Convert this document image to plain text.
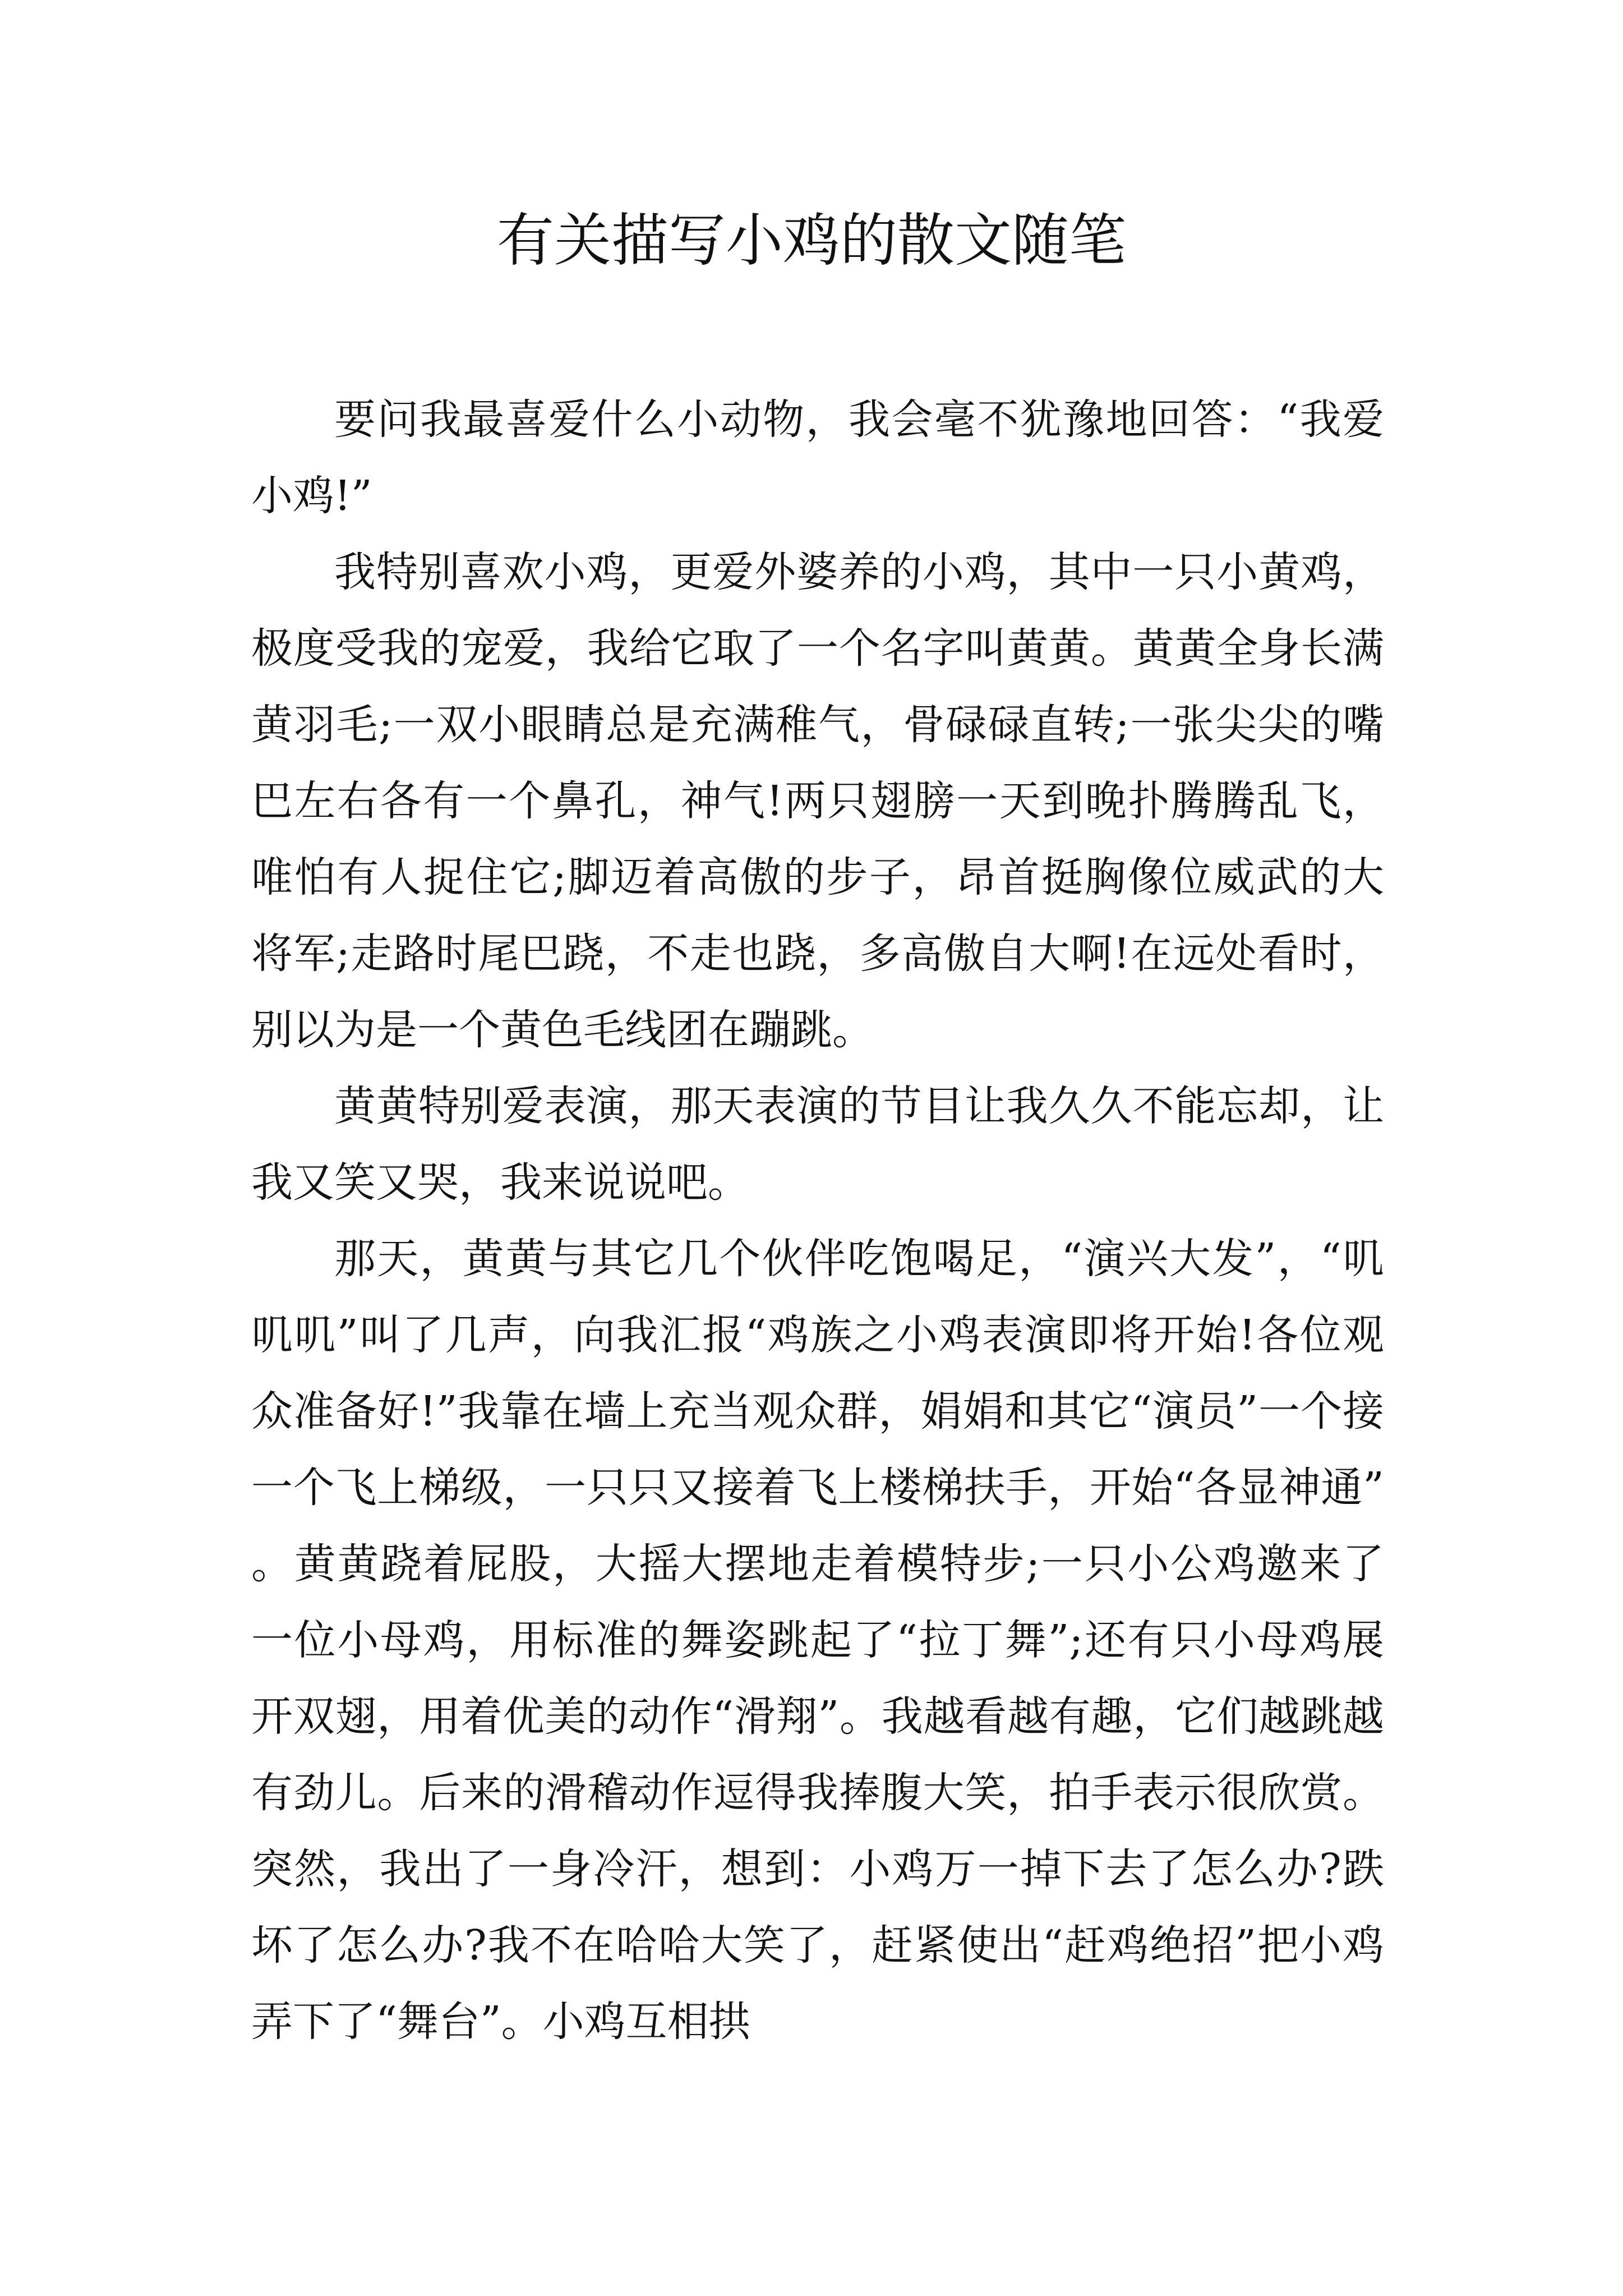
有关描写小鸡的散文随笔

要问我最喜爱什么小动物，我会毫不犹豫地回答：“我爱小鸡!”

我特别喜欢小鸡，更爱外婆养的小鸡，其中一只小黄鸡，极度受我的宠爱，我给它取了一个名字叫黄黄。黄黄全身长满黄羽毛;一双小眼睛总是充满稚气，骨碌碌直转;一张尖尖的嘴巴左右各有一个鼻孔，神气!两只翅膀一天到晚扑腾腾乱飞，唯怕有人捉住它;脚迈着高傲的步子，昂首挺胸像位威武的大将军;走路时尾巴跷，不走也跷，多高傲自大啊!在远处看时，别以为是一个黄色毛线团在蹦跳。

黄黄特别爱表演，那天表演的节目让我久久不能忘却，让我又笑又哭，我来说说吧。

那天，黄黄与其它几个伙伴吃饱喝足，“演兴大发”，“叽叽叽”叫了几声，向我汇报“鸡族之小鸡表演即将开始!各位观众准备好!”我靠在墙上充当观众群，娟娟和其它“演员”一个接一个飞上梯级，一只只又接着飞上楼梯扶手，开始“各显神通”。黄黄跷着屁股，大摇大摆地走着模特步;一只小公鸡邀来了一位小母鸡，用标准的舞姿跳起了“拉丁舞”;还有只小母鸡展开双翅，用着优美的动作“滑翔”。我越看越有趣，它们越跳越有劲儿。后来的滑稽动作逗得我捧腹大笑，拍手表示很欣赏。突然，我出了一身冷汗，想到：小鸡万一掉下去了怎么办?跌坏了怎么办?我不在哈哈大笑了，赶紧使出“赶鸡绝招”把小鸡弄下了“舞台”。小鸡互相拱
